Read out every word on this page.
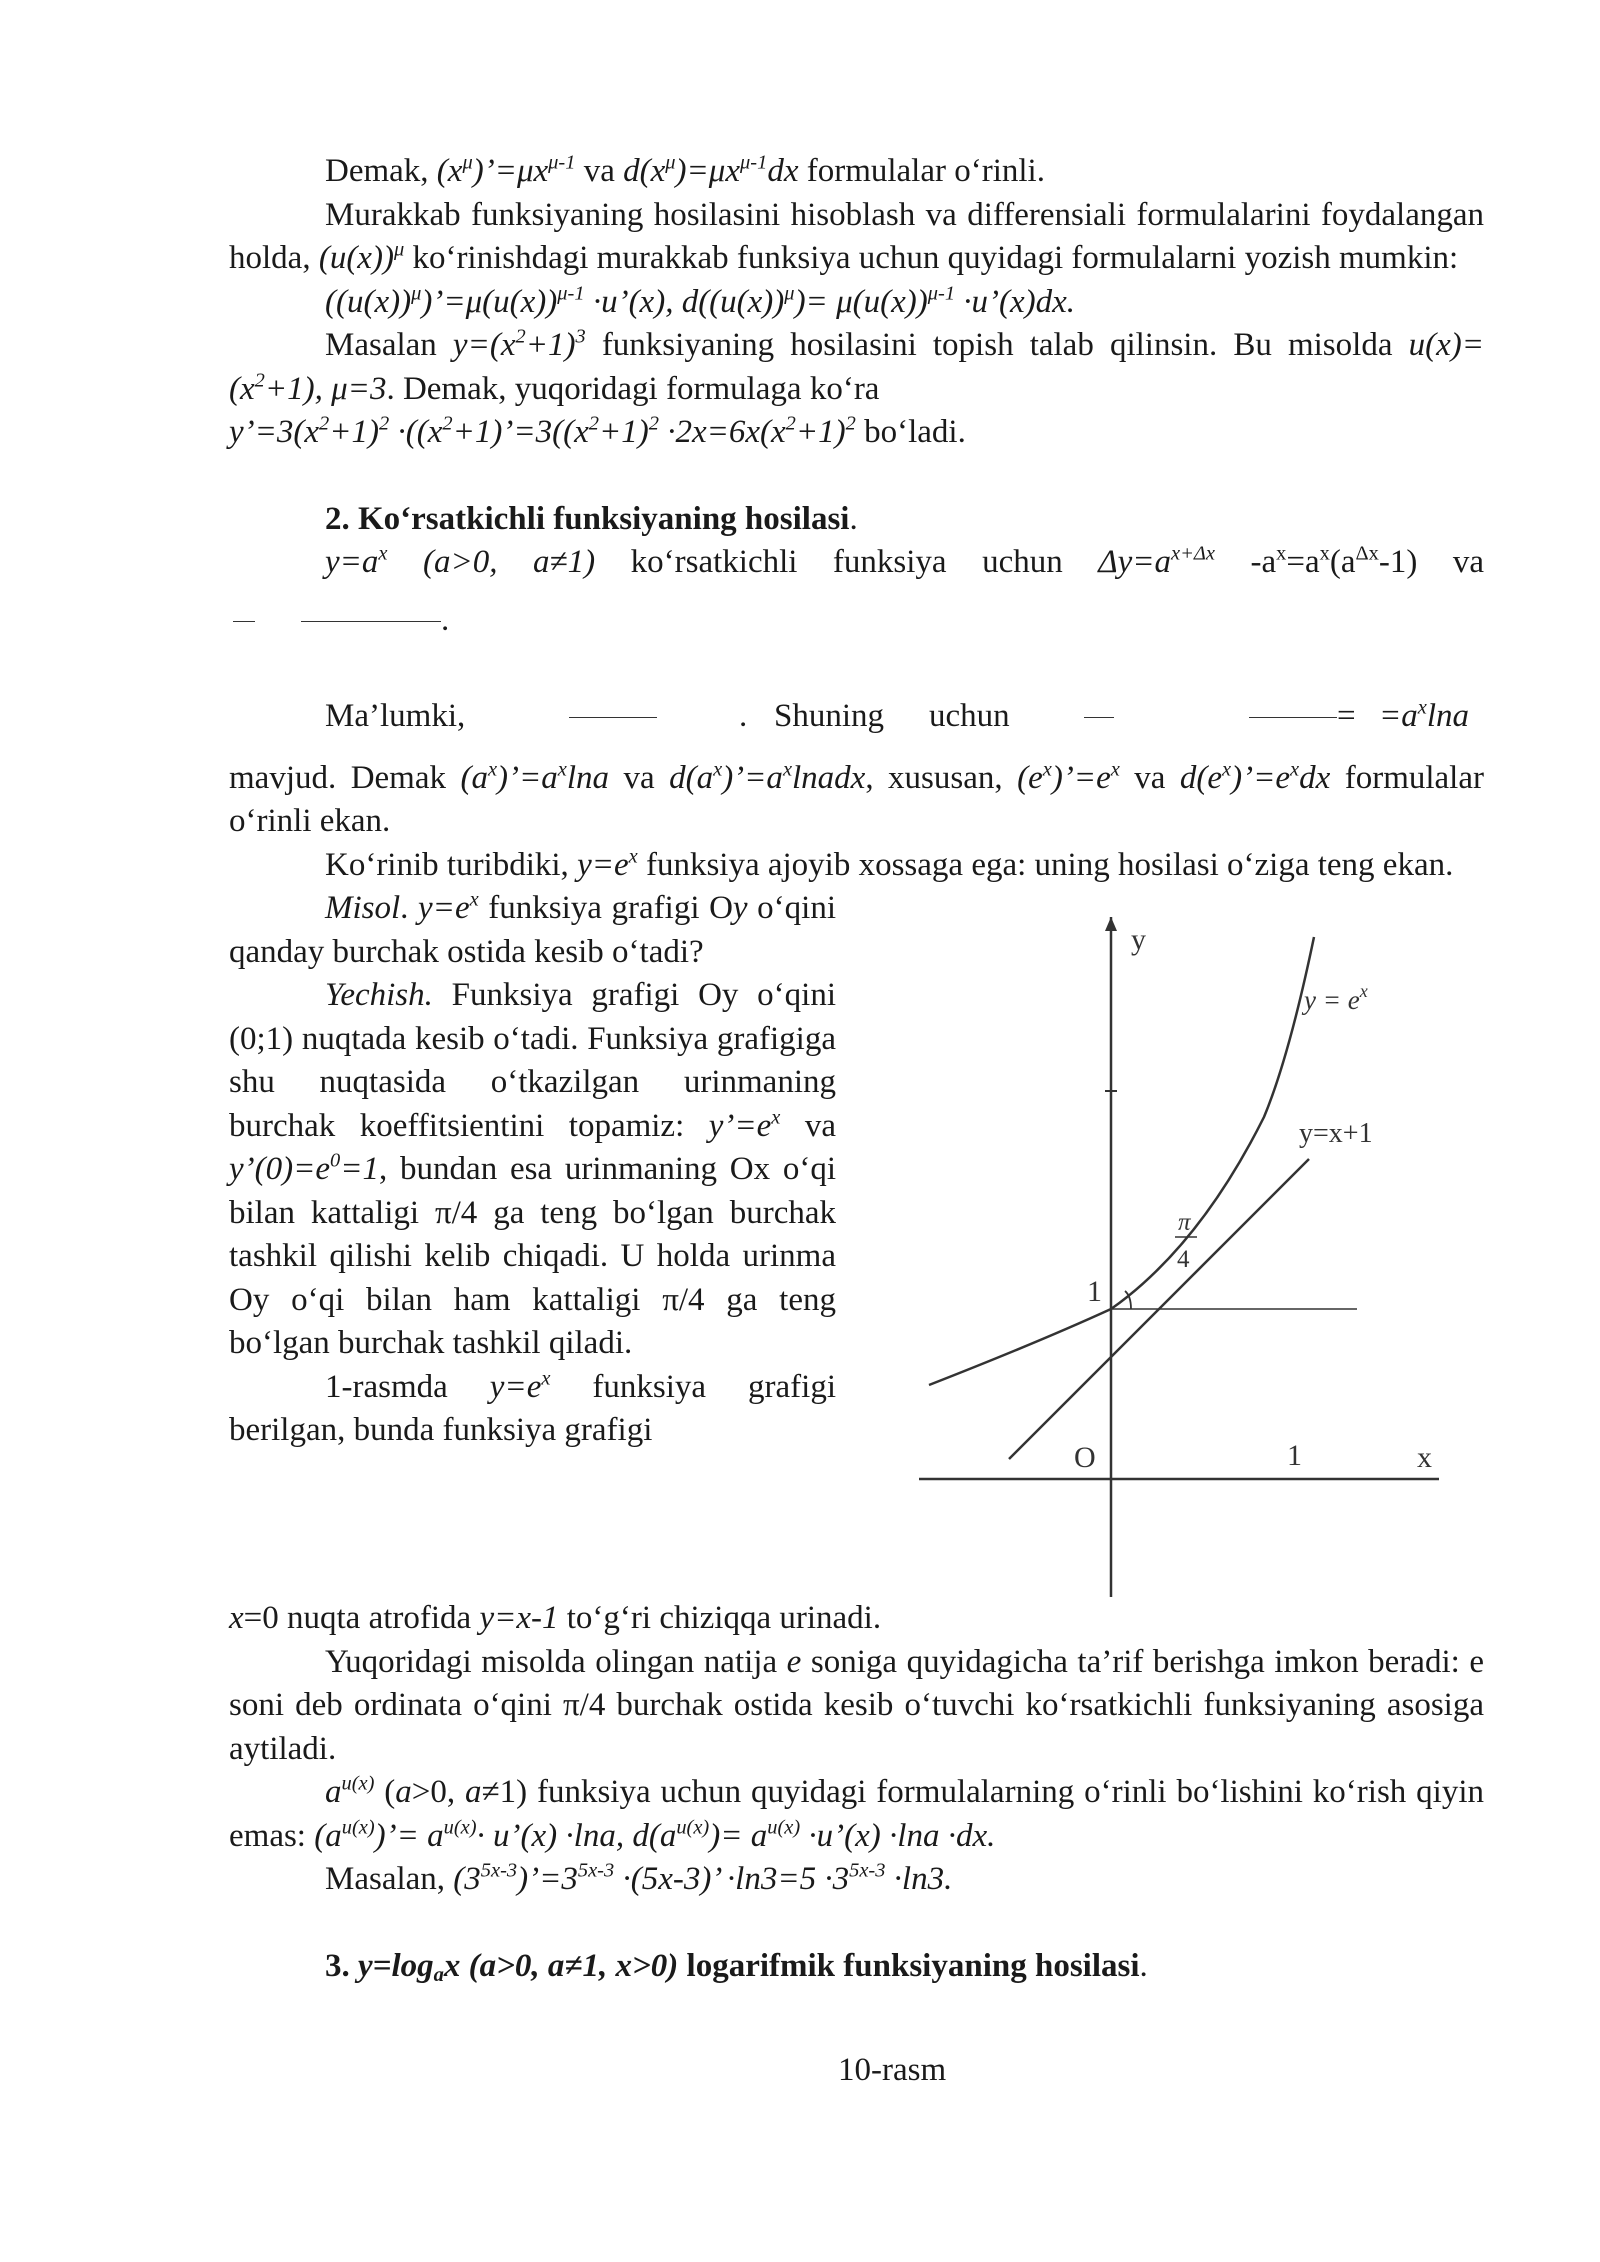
Demak, $(x^\mu)’=\mu x^{\mu-1}$ va $d(x^\mu)=\mu x^{\mu-1}dx$ formulalar o‘rinli.

Murakkab funksiyaning hosilasini hisoblash va differensiali formulalarini foydalangan holda, $(u(x))^\mu$ ko‘rinishdagi murakkab funksiya uchun quyidagi formulalarni yozish mumkin:

$((u(x))^\mu)’=\mu(u(x))^{\mu-1}$ ·u’(x), $d((u(x))^\mu)= \mu(u(x))^{\mu-1}$ ·u’(x)dx.

Masalan $y=(x^2+1)^3$ funksiyaning hosilasini topish talab qilinsin. Bu misolda $u(x)=(x^2+1)$, μ=3. Demak, yuqoridagi formulaga ko‘ra
$y’=3(x^2+1)^2$ $\cdot((x^2+1)’=3((x^2+1)^2 \cdot 2x=6x(x^2+1)^2$ bo‘ladi.

2. Ko‘rsatkichli funksiyaning hosilasi.

$y=a^x$ (a>0, a≠1) ko‘rsatkichli funksiya uchun $\Delta y=a^{x+\Delta x}$ $-a^x=a^x(a^{\Delta x}-1)$ va

.
Ma’lumki,	. Shuning uchun	= $=a^x\ln a$

mavjud. Demak $(a^x)’=a^x\ln a$ va $d(a^x)’=a^xlnadx$, xususan, $(e^x)’=e^x$ va $d(e^x)’=e^xdx$ formulalar o‘rinli ekan.

Ko‘rinib turibdiki, $y=e^x$ funksiya ajoyib xossaga ega: uning hosilasi o‘ziga teng ekan.

Misol. $y=e^x$ funksiya grafigi Oy o‘qini qanday burchak ostida kesib o‘tadi?

Yechish. Funksiya grafigi Oy o‘qini (0;1) nuqtada kesib o‘tadi. Funksiya grafigiga shu nuqtasida o‘tkazilgan urinmaning burchak koeffitsientini topamiz: $y’=e^x$ va $y’(0)=e^0=1$, bundan esa urinmaning Ox o‘qi bilan kattaligi π/4 ga teng bo‘lgan burchak tashkil qilishi kelib chiqadi. U holda urinma Oy o‘qi bilan ham kattaligi π/4 ga teng bo‘lgan burchak tashkil qiladi.

1-rasmda $y=e^x$ funksiya grafigi berilgan, bunda funksiya grafigi

y
x
O	1
1
$y = e^x$
y=x+1
π
4

x=0 nuqta atrofida y=x-1 to‘g‘ri chiziqqa urinadi.

Yuqoridagi misolda olingan natija e soniga quyidagicha ta’rif berishga imkon beradi: e soni deb ordinata o‘qini π/4 burchak ostida kesib o‘tuvchi ko‘rsatkichli funksiyaning asosiga aytiladi.

$a^{u(x)}$ (a>0, a≠1) funksiya uchun quyidagi formulalarning o‘rinli bo‘lishini ko‘rish qiyin emas: $(a^{u(x)})’= a^{u(x)}\cdot$ u’(x) ·lna, $d(a^{u(x)})= a^{u(x)}$ ·u’(x) ·lna ·dx.

Masalan, $(3^{5x-3})’=3^{5x-3} \cdot(5x-3)$’ $\cdot\ln 3=5 \cdot 3^{5x-3} \cdot\ln 3$.

3. $y=\log_ax$ (a>0, a≠1, x>0) logarifmik funksiyaning hosilasi.
10-rasm
